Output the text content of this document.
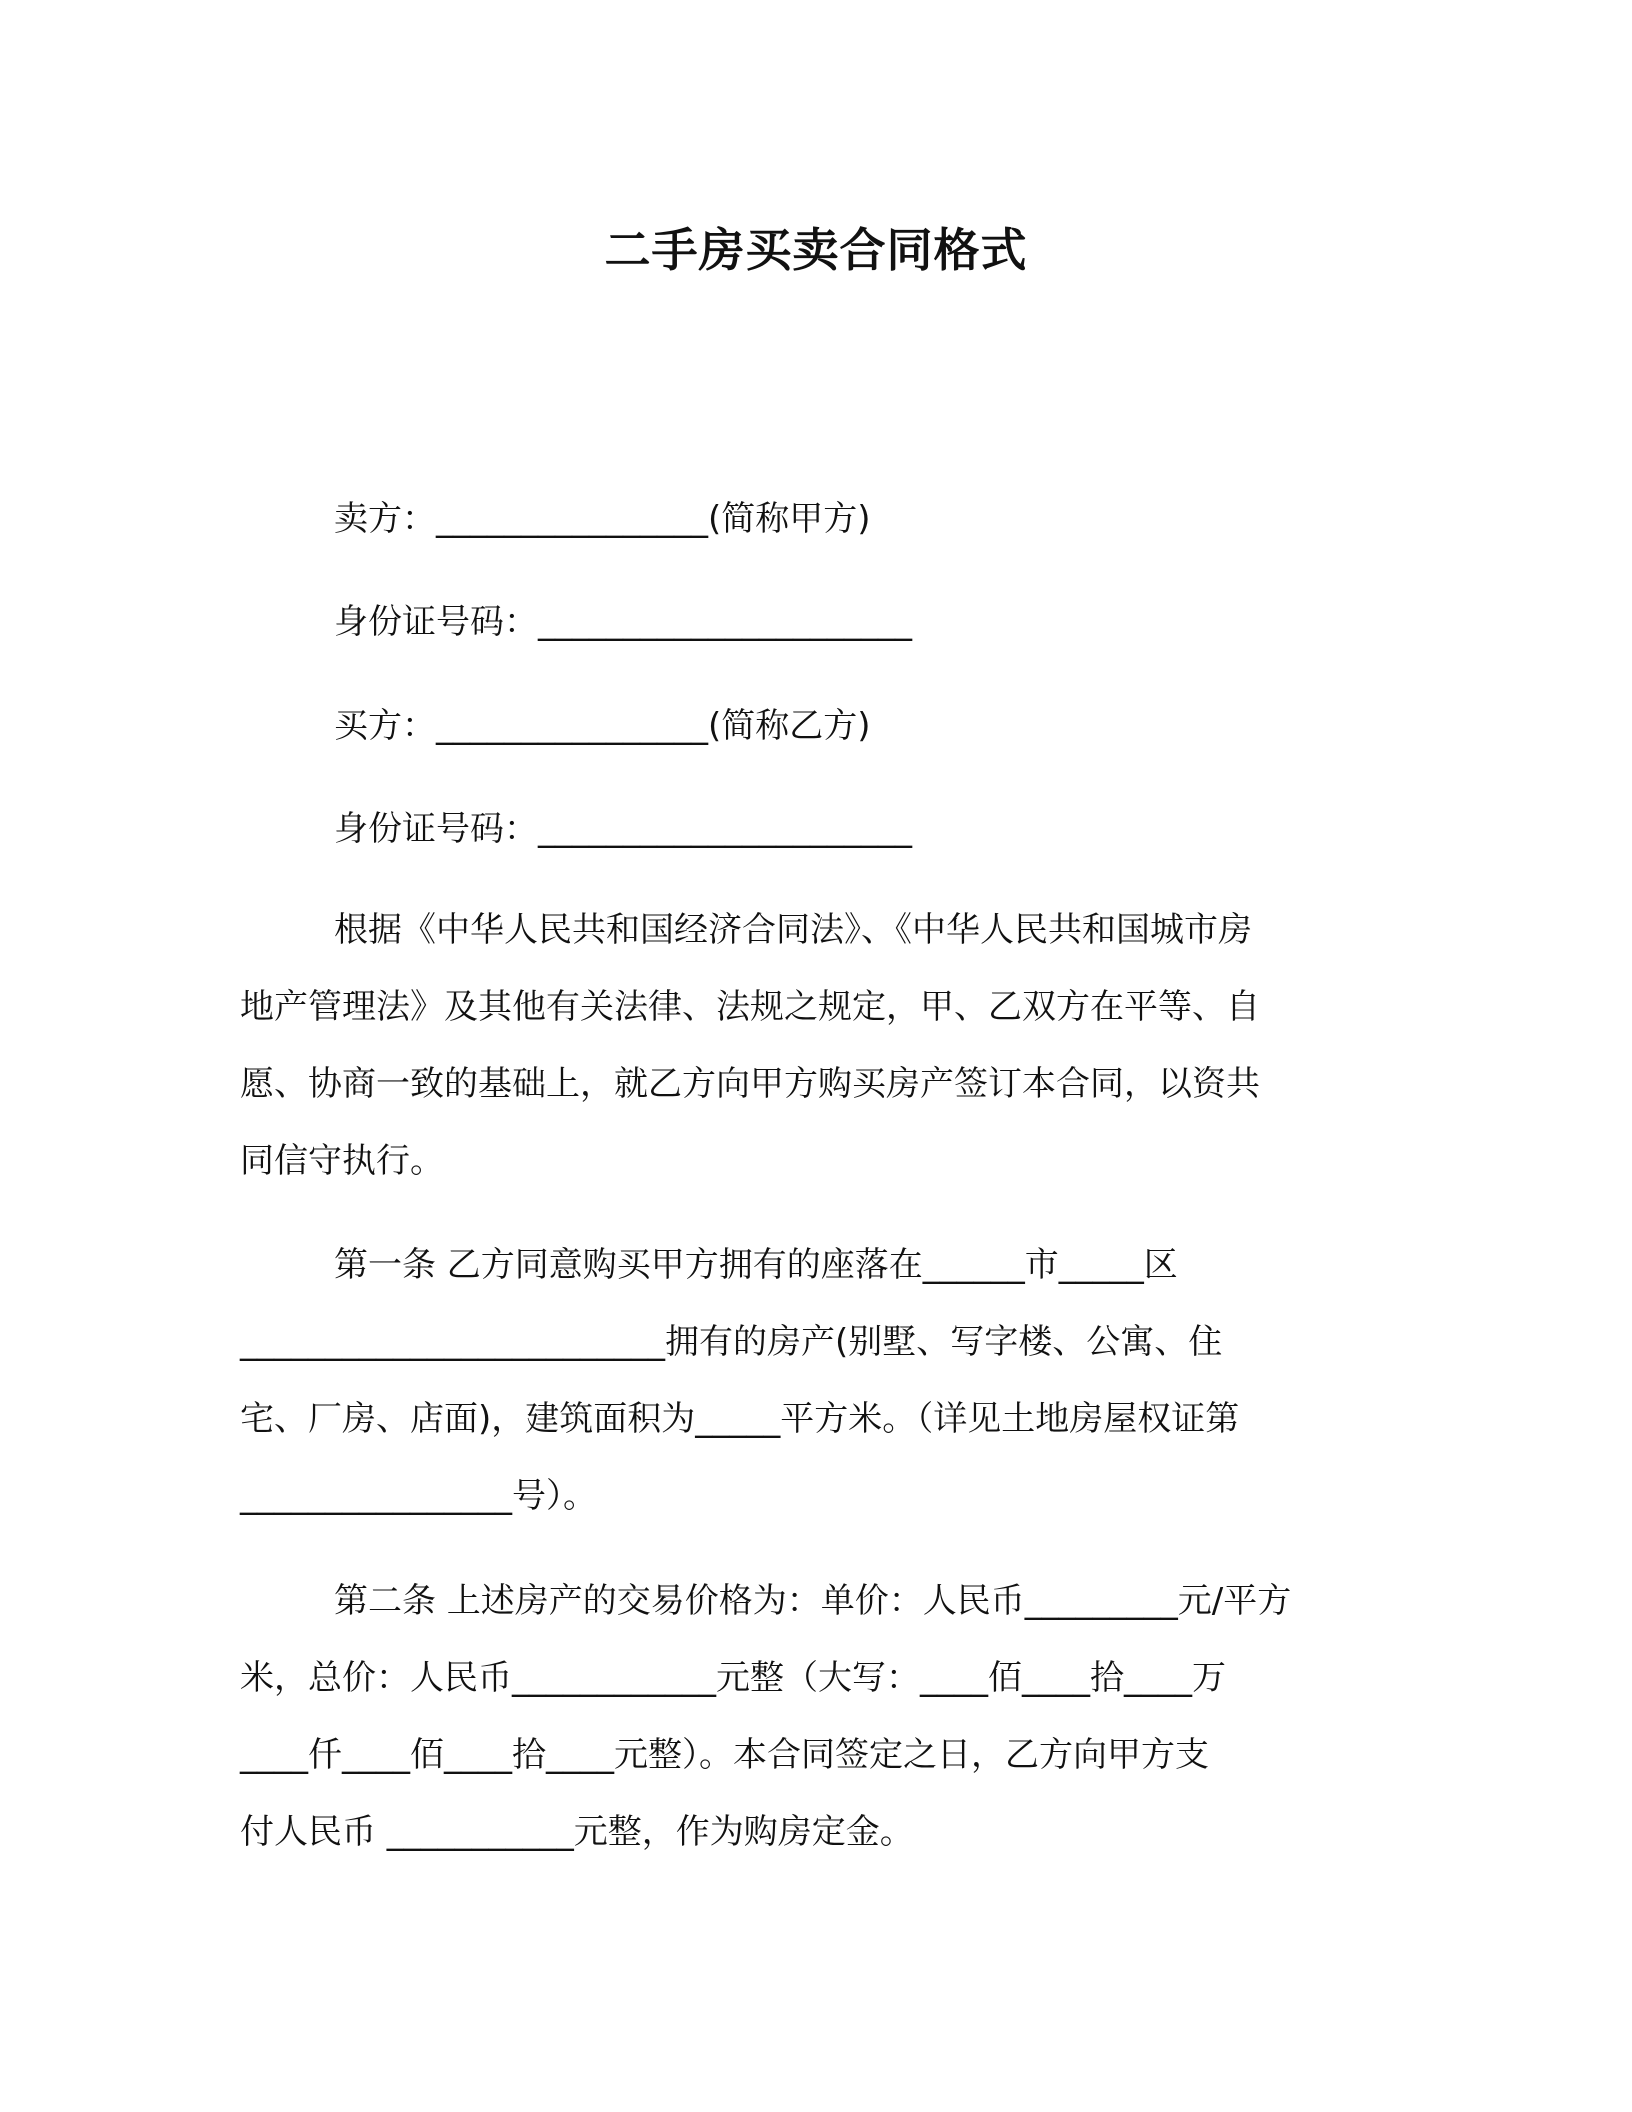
二手房买卖合同格式
卖方：________________(简称甲方)
身份证号码：______________________
买方：________________(简称乙方)
身份证号码：______________________
根据《中华人民共和国经济合同法》、《中华人民共和国城市房
地产管理法》及其他有关法律、法规之规定，甲、乙双方在平等、自
愿、协商一致的基础上，就乙方向甲方购买房产签订本合同，以资共
同信守执行。
第一条 乙方同意购买甲方拥有的座落在______市_____区
_________________________拥有的房产(别墅、写字楼、公寓、住
宅、厂房、店面)，建筑面积为_____平方米。（详见土地房屋权证第
________________号）。
第二条 上述房产的交易价格为：单价：人民币_________元/平方
米，总价：人民币____________元整（大写：____佰____拾____万
____仟____佰____拾____元整）。本合同签定之日，乙方向甲方支
付人民币 ___________元整，作为购房定金。
